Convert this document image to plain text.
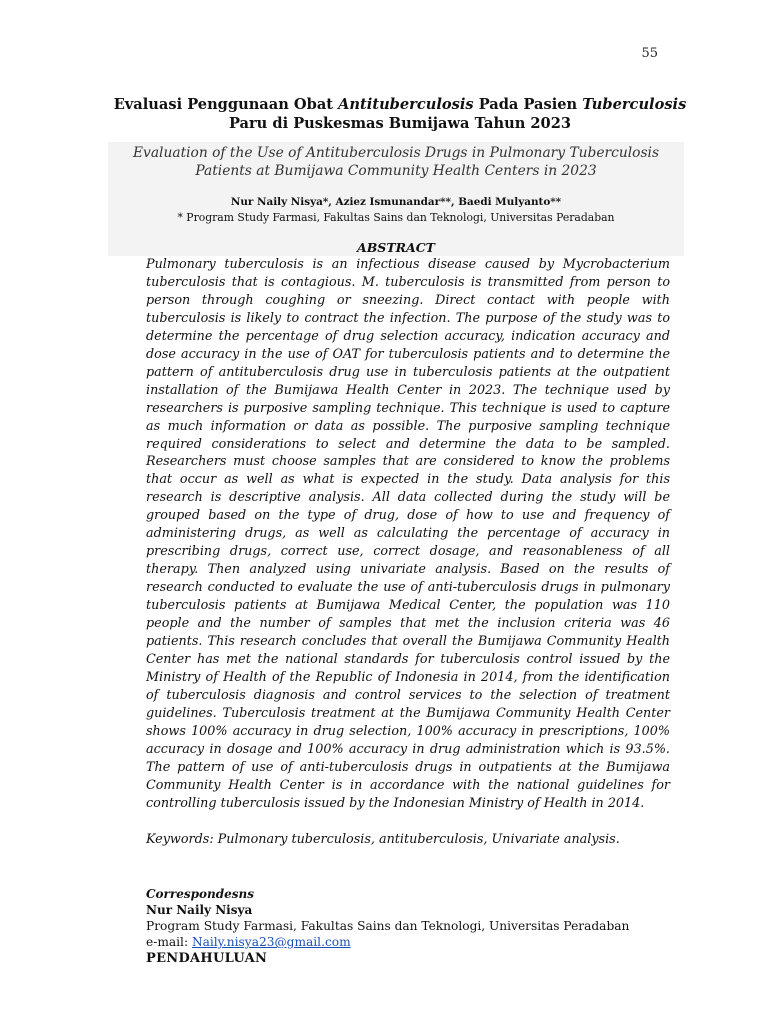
55
Evaluasi Penggunaan Obat Antituberculosis Pada Pasien Tuberculosis
Paru di Puskesmas Bumijawa Tahun 2023
Evaluation of the Use of Antituberculosis Drugs in Pulmonary Tuberculosis Patients at Bumijawa Community Health Centers in 2023
Nur Naily Nisya*, Aziez Ismunandar**, Baedi Mulyanto**
* Program Study Farmasi, Fakultas Sains dan Teknologi, Universitas Peradaban
ABSTRACT

Pulmonary tuberculosis is an infectious disease caused by Mycrobacterium tuberculosis that is contagious. M. tuberculosis is transmitted from person to person through coughing or sneezing. Direct contact with people with tuberculosis is likely to contract the infection. The purpose of the study was to determine the percentage of drug selection accuracy, indication accuracy and dose accuracy in the use of OAT for tuberculosis patients and to determine the pattern of antituberculosis drug use in tuberculosis patients at the outpatient installation of the Bumijawa Health Center in 2023. The technique used by researchers is purposive sampling technique. This technique is used to capture as much information or data as possible. The purposive sampling technique required considerations to select and determine the data to be sampled. Researchers must choose samples that are considered to know the problems that occur as well as what is expected in the study. Data analysis for this research is descriptive analysis. All data collected during the study will be grouped based on the type of drug, dose of how to use and frequency of administering drugs, as well as calculating the percentage of accuracy in prescribing drugs, correct use, correct dosage, and reasonableness of all therapy. Then analyzed using univariate analysis. Based on the results of research conducted to evaluate the use of anti-tuberculosis drugs in pulmonary tuberculosis patients at Bumijawa Medical Center, the population was 110 people and the number of samples that met the inclusion criteria was 46 patients. This research concludes that overall the Bumijawa Community Health Center has met the national standards for tuberculosis control issued by the Ministry of Health of the Republic of Indonesia in 2014, from the identification of tuberculosis diagnosis and control services to the selection of treatment guidelines. Tuberculosis treatment at the Bumijawa Community Health Center shows 100% accuracy in drug selection, 100% accuracy in prescriptions, 100% accuracy in dosage and 100% accuracy in drug administration which is 93.5%. The pattern of use of anti-tuberculosis drugs in outpatients at the Bumijawa Community Health Center is in accordance with the national guidelines for controlling tuberculosis issued by the Indonesian Ministry of Health in 2014.

Keywords: Pulmonary tuberculosis, antituberculosis, Univariate analysis.
Correspondesns
Nur Naily Nisya
Program Study Farmasi, Fakultas Sains dan Teknologi, Universitas Peradaban
e-mail: Naily.nisya23@gmail.com
PENDAHULUAN
